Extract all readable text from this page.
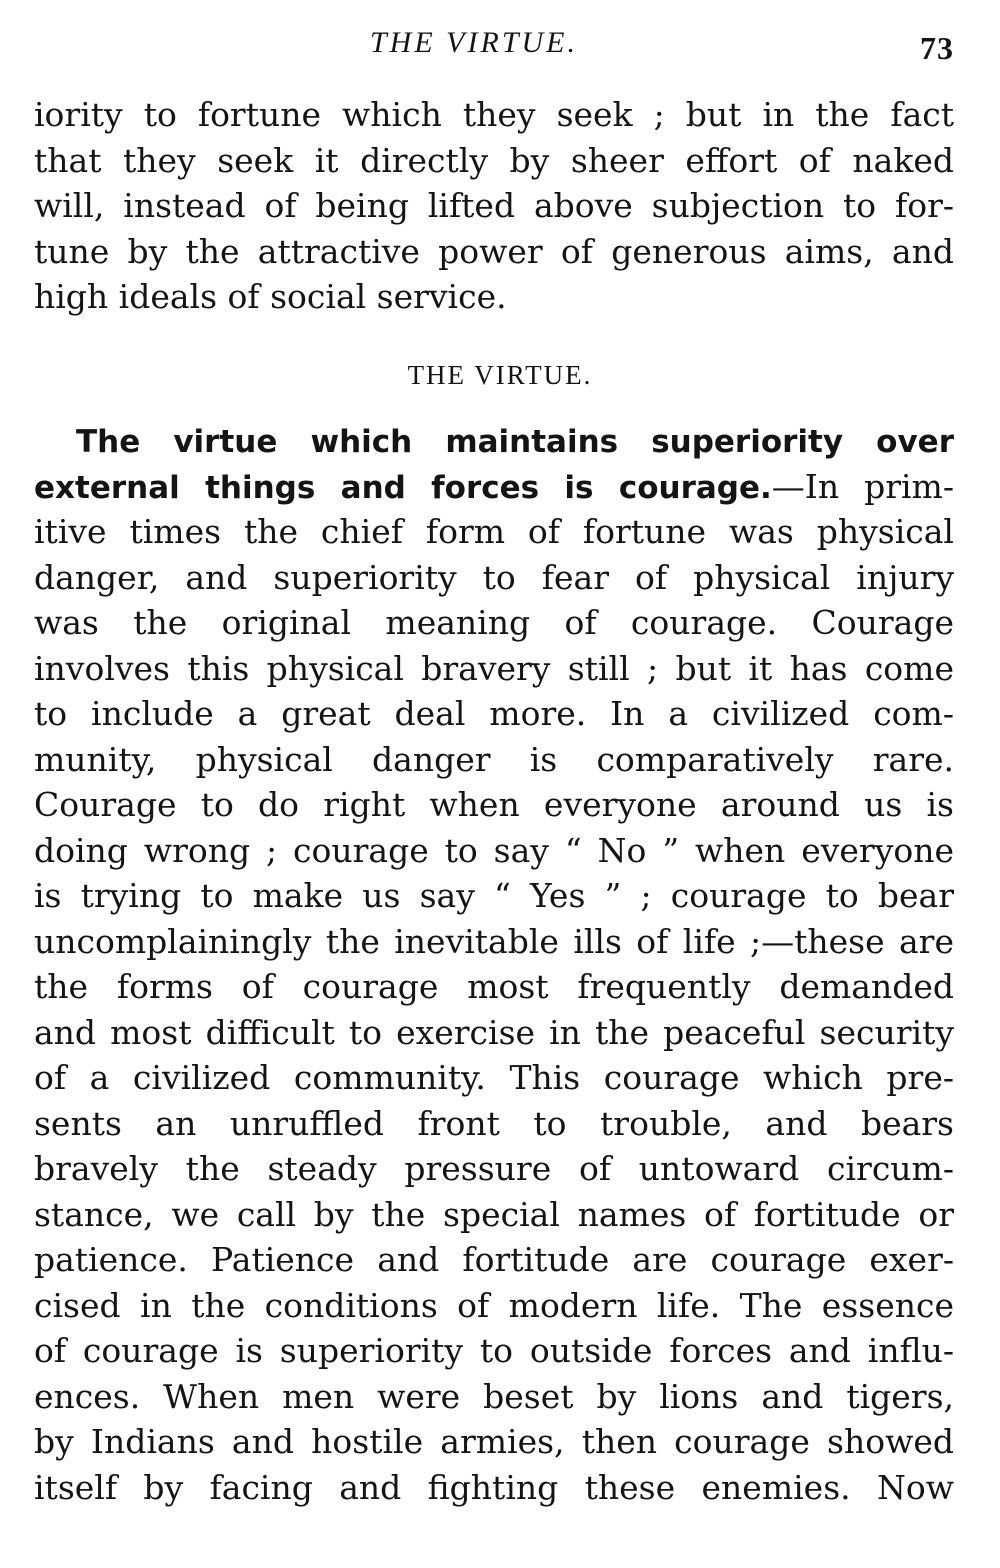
THE VIRTUE.	73
iority to fortune which they seek ; but in the fact
that they seek it directly by sheer effort of naked
will, instead of being lifted above subjection to for-
tune by the attractive power of generous aims, and
high ideals of social service.
THE VIRTUE.
The virtue which maintains superiority over
external things and forces is courage.—In prim-
itive times the chief form of fortune was physical
danger, and superiority to fear of physical injury
was the original meaning of courage. Courage
involves this physical bravery still ; but it has come
to include a great deal more. In a civilized com-
munity, physical danger is comparatively rare.
Courage to do right when everyone around us is
doing wrong ; courage to say “ No ” when everyone
is trying to make us say “ Yes ” ; courage to bear
uncomplainingly the inevitable ills of life ;—these are
the forms of courage most frequently demanded
and most difficult to exercise in the peaceful security
of a civilized community. This courage which pre-
sents an unruffled front to trouble, and bears
bravely the steady pressure of untoward circum-
stance, we call by the special names of fortitude or
patience. Patience and fortitude are courage exer-
cised in the conditions of modern life. The essence
of courage is superiority to outside forces and influ-
ences. When men were beset by lions and tigers,
by Indians and hostile armies, then courage showed
itself by facing and fighting these enemies. Now
